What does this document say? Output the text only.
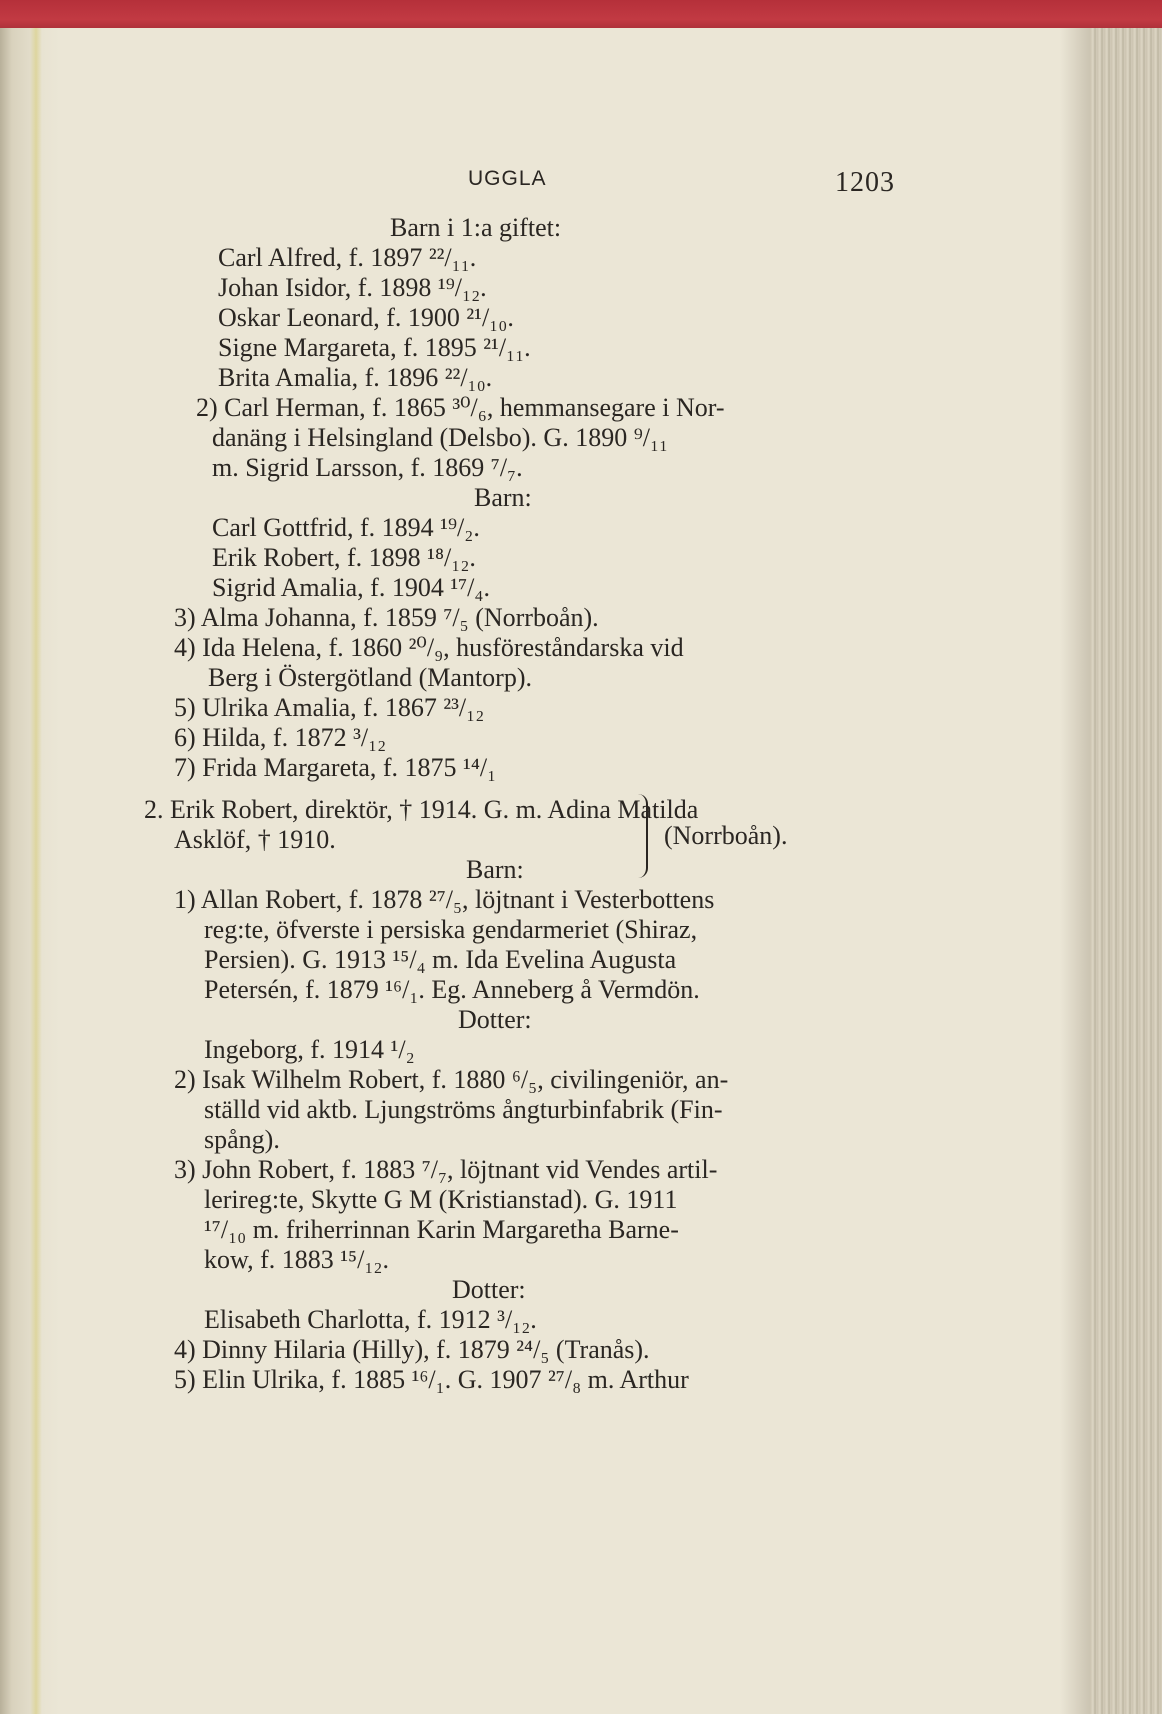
UGGLA	1203
Barn i 1:a giftet:
Carl Alfred, f. 1897 ²²/₁₁.
Johan Isidor, f. 1898 ¹⁹/₁₂.
Oskar Leonard, f. 1900 ²¹/₁₀.
Signe Margareta, f. 1895 ²¹/₁₁.
Brita Amalia, f. 1896 ²²/₁₀.
2) Carl Herman, f. 1865 ³⁰/₆, hemmansegare i Nor-
danäng i Helsingland (Delsbo). G. 1890 ⁹/₁₁
m. Sigrid Larsson, f. 1869 ⁷/₇.
Barn:
Carl Gottfrid, f. 1894 ¹⁹/₂.
Erik Robert, f. 1898 ¹⁸/₁₂.
Sigrid Amalia, f. 1904 ¹⁷/₄.
3) Alma Johanna, f. 1859 ⁷/₅ (Norrboån).
4) Ida Helena, f. 1860 ²⁰/₉, husföreståndarska vid
Berg i Östergötland (Mantorp).
5) Ulrika Amalia, f. 1867 ²³/₁₂
6) Hilda, f. 1872 ³/₁₂
7) Frida Margareta, f. 1875 ¹⁴/₁
2. Erik Robert, direktör, † 1914. G. m. Adina Matilda
Asklöf, † 1910.
Barn:
1) Allan Robert, f. 1878 ²⁷/₅, löjtnant i Vesterbottens
reg:te, öfverste i persiska gendarmeriet (Shiraz,
Persien). G. 1913 ¹⁵/₄ m. Ida Evelina Augusta
Petersén, f. 1879 ¹⁶/₁. Eg. Anneberg å Vermdön.
Dotter:
Ingeborg, f. 1914 ¹/₂
2) Isak Wilhelm Robert, f. 1880 ⁶/₅, civilingeniör, an-
ställd vid aktb. Ljungströms ångturbinfabrik (Fin-
spång).
3) John Robert, f. 1883 ⁷/₇, löjtnant vid Vendes artil-
lerireg:te, Skytte G M (Kristianstad). G. 1911
¹⁷/₁₀ m. friherrinnan Karin Margaretha Barne-
kow, f. 1883 ¹⁵/₁₂.
Dotter:
Elisabeth Charlotta, f. 1912 ³/₁₂.
4) Dinny Hilaria (Hilly), f. 1879 ²⁴/₅ (Tranås).
5) Elin Ulrika, f. 1885 ¹⁶/₁. G. 1907 ²⁷/₈ m. Arthur
(Norrboån).
